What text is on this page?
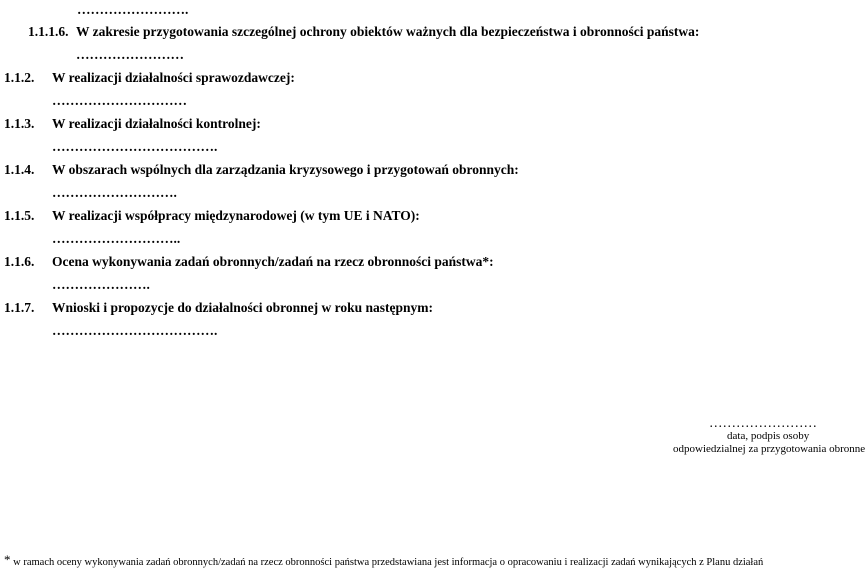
…………………….
1.1.1.6. W zakresie przygotowania szczególnej ochrony obiektów ważnych dla bezpieczeństwa i obronności państwa:
……………………
1.1.2. W realizacji działalności sprawozdawczej:
…………………………
1.1.3. W realizacji działalności kontrolnej:
……………………………….
1.1.4. W obszarach wspólnych dla zarządzania kryzysowego i przygotowań obronnych:
……………………….
1.1.5. W realizacji współpracy międzynarodowej (w tym UE i NATO):
………………………..
1.1.6. Ocena wykonywania zadań obronnych/zadań na rzecz obronności państwa*:
………………….
1.1.7. Wnioski i propozycje do działalności obronnej w roku następnym:
……………………………….
……………………
data, podpis osoby
odpowiedzialnej za przygotowania obronne
* w ramach oceny wykonywania zadań obronnych/zadań na rzecz obronności państwa przedstawiana jest informacja o opracowaniu i realizacji zadań wynikających z Planu działań
